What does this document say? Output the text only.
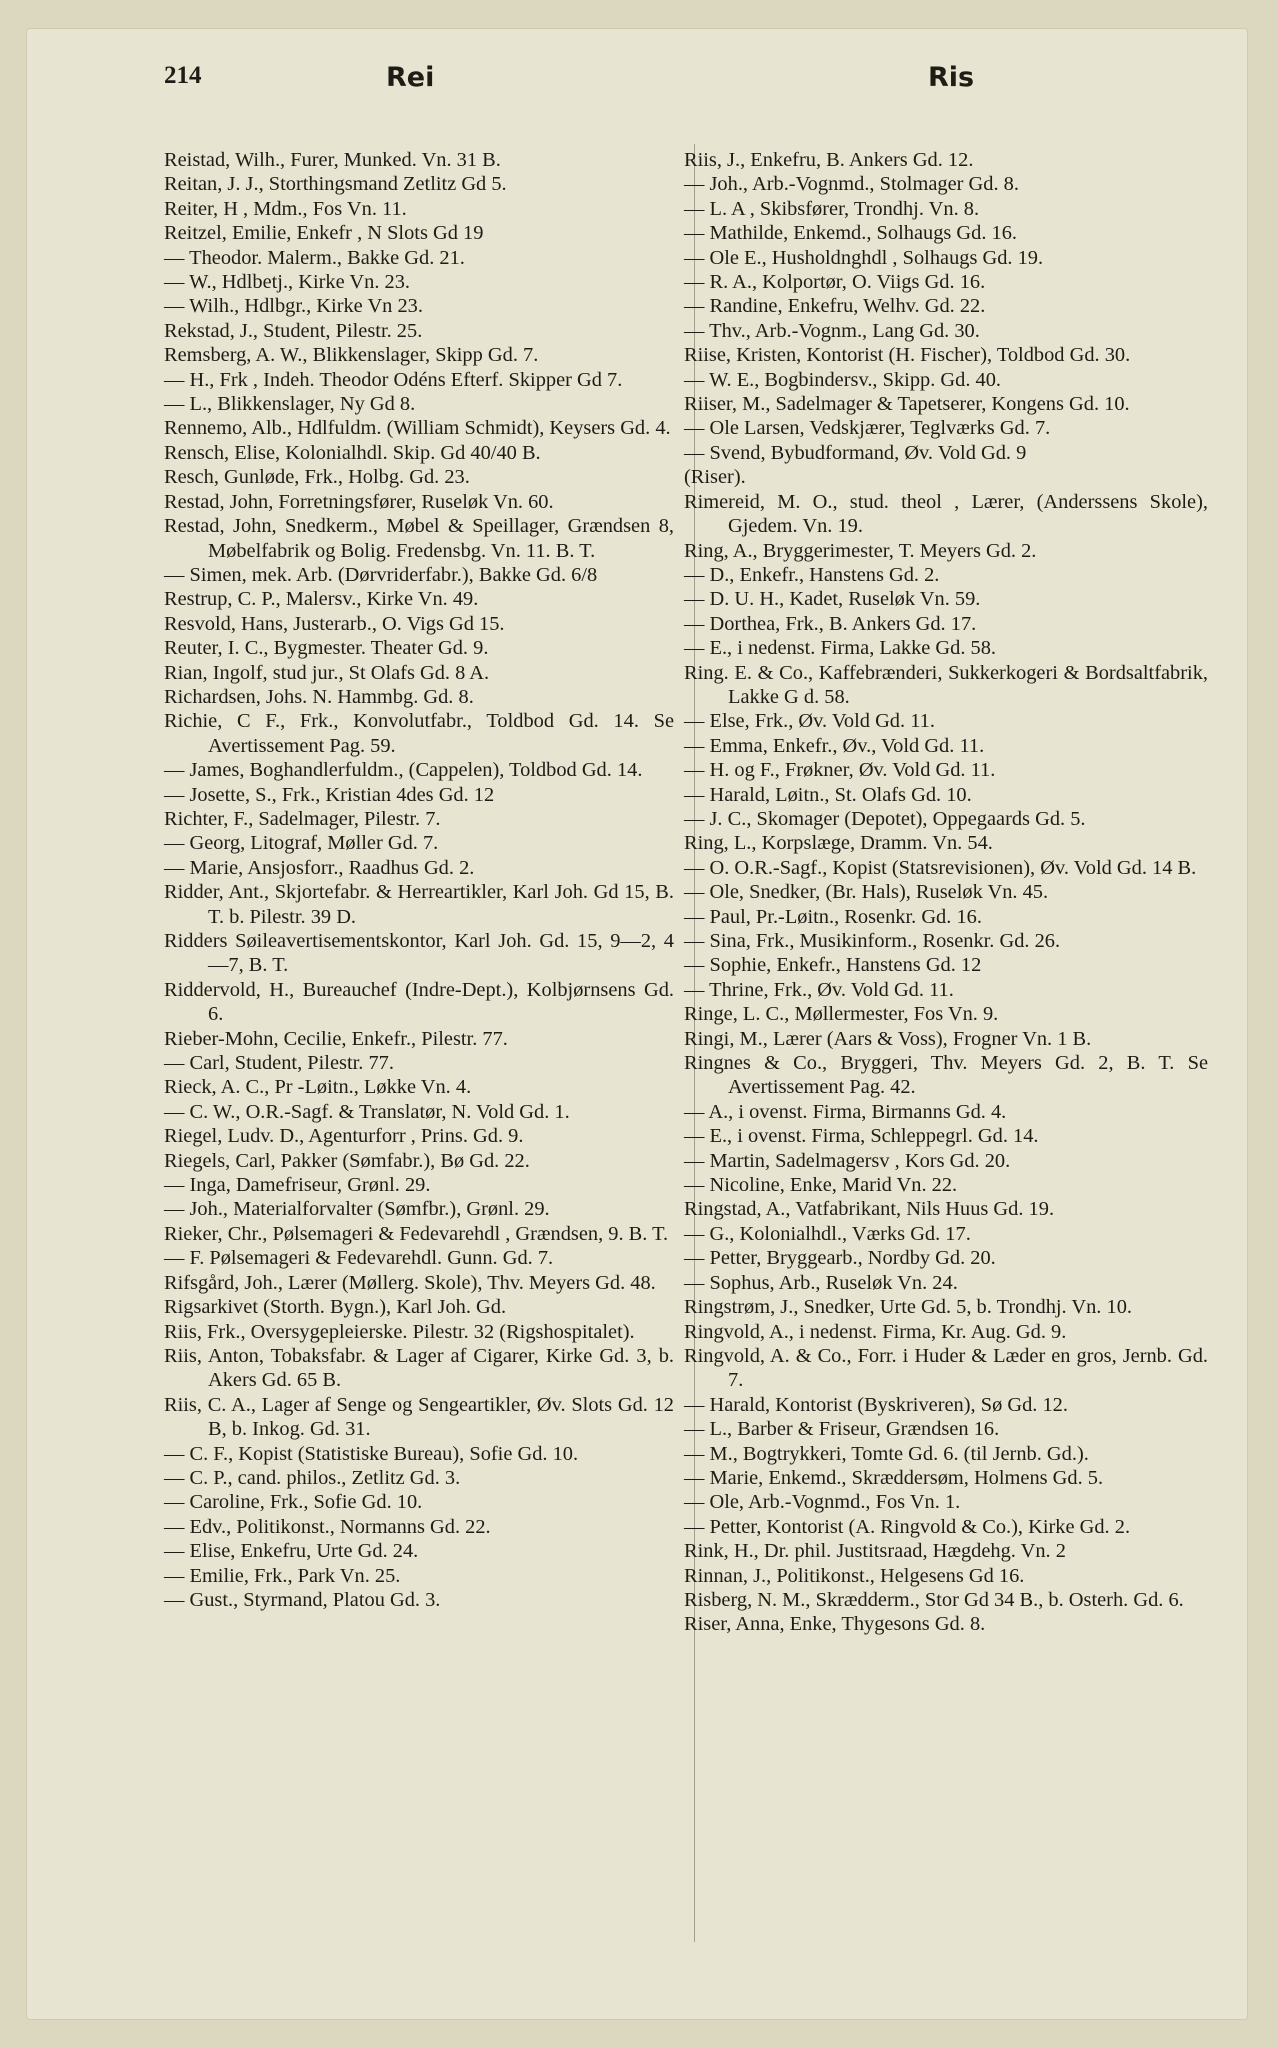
214	Rei	Ris
Reistad, Wilh., Furer, Munked. Vn. 31 B.
Reitan, J. J., Storthingsmand Zetlitz Gd 5.
Reiter, H , Mdm., Fos Vn. 11.
Reitzel, Emilie, Enkefr , N Slots Gd 19
— Theodor. Malerm., Bakke Gd. 21.
— W., Hdlbetj., Kirke Vn. 23.
— Wilh., Hdlbgr., Kirke Vn 23.
Rekstad, J., Student, Pilestr. 25.
Remsberg, A. W., Blikkenslager, Skipp Gd. 7.
— H., Frk , Indeh. Theodor Odéns Efterf. Skipper Gd 7.
— L., Blikkenslager, Ny Gd 8.
Rennemo, Alb., Hdlfuldm. (William Schmidt), Keysers Gd. 4.
Rensch, Elise, Kolonialhdl. Skip. Gd 40/40 B.
Resch, Gunløde, Frk., Holbg. Gd. 23.
Restad, John, Forretningsfører, Ruseløk Vn. 60.
Restad, John, Snedkerm., Møbel & Speillager, Grændsen 8, Møbelfabrik og Bolig. Fredensbg. Vn. 11. B. T.
— Simen, mek. Arb. (Dørvriderfabr.), Bakke Gd. 6/8
Restrup, C. P., Malersv., Kirke Vn. 49.
Resvold, Hans, Justerarb., O. Vigs Gd 15.
Reuter, I. C., Bygmester. Theater Gd. 9.
Rian, Ingolf, stud jur., St Olafs Gd. 8 A.
Richardsen, Johs. N. Hammbg. Gd. 8.
Richie, C F., Frk., Konvolutfabr., Toldbod Gd. 14. Se Avertissement Pag. 59.
— James, Boghandlerfuldm., (Cappelen), Toldbod Gd. 14.
— Josette, S., Frk., Kristian 4des Gd. 12
Richter, F., Sadelmager, Pilestr. 7.
— Georg, Litograf, Møller Gd. 7.
— Marie, Ansjosforr., Raadhus Gd. 2.
Ridder, Ant., Skjortefabr. & Herreartikler, Karl Joh. Gd 15, B. T. b. Pilestr. 39 D.
Ridders Søileavertisementskontor, Karl Joh. Gd. 15, 9—2, 4—7, B. T.
Riddervold, H., Bureauchef (Indre-Dept.), Kolbjørnsens Gd. 6.
Rieber-Mohn, Cecilie, Enkefr., Pilestr. 77.
— Carl, Student, Pilestr. 77.
Rieck, A. C., Pr -Løitn., Løkke Vn. 4.
— C. W., O.R.-Sagf. & Translatør, N. Vold Gd. 1.
Riegel, Ludv. D., Agenturforr , Prins. Gd. 9.
Riegels, Carl, Pakker (Sømfabr.), Bø Gd. 22.
— Inga, Damefriseur, Grønl. 29.
— Joh., Materialforvalter (Sømfbr.), Grønl. 29.
Rieker, Chr., Pølsemageri & Fedevarehdl , Grændsen, 9. B. T.
— F. Pølsemageri & Fedevarehdl. Gunn. Gd. 7.
Rifsgård, Joh., Lærer (Møllerg. Skole), Thv. Meyers Gd. 48.
Rigsarkivet (Storth. Bygn.), Karl Joh. Gd.
Riis, Frk., Oversygepleierske. Pilestr. 32 (Rigshospitalet).
Riis, Anton, Tobaksfabr. & Lager af Cigarer, Kirke Gd. 3, b. Akers Gd. 65 B.
Riis, C. A., Lager af Senge og Sengeartikler, Øv. Slots Gd. 12 B, b. Inkog. Gd. 31.
— C. F., Kopist (Statistiske Bureau), Sofie Gd. 10.
— C. P., cand. philos., Zetlitz Gd. 3.
— Caroline, Frk., Sofie Gd. 10.
— Edv., Politikonst., Normanns Gd. 22.
— Elise, Enkefru, Urte Gd. 24.
— Emilie, Frk., Park Vn. 25.
— Gust., Styrmand, Platou Gd. 3.
Riis, J., Enkefru, B. Ankers Gd. 12.
— Joh., Arb.-Vognmd., Stolmager Gd. 8.
— L. A , Skibsfører, Trondhj. Vn. 8.
— Mathilde, Enkemd., Solhaugs Gd. 16.
— Ole E., Husholdnghdl , Solhaugs Gd. 19.
— R. A., Kolportør, O. Viigs Gd. 16.
— Randine, Enkefru, Welhv. Gd. 22.
— Thv., Arb.-Vognm., Lang Gd. 30.
Riise, Kristen, Kontorist (H. Fischer), Toldbod Gd. 30.
— W. E., Bogbindersv., Skipp. Gd. 40.
Riiser, M., Sadelmager & Tapetserer, Kongens Gd. 10.
— Ole Larsen, Vedskjærer, Teglværks Gd. 7.
— Svend, Bybudformand, Øv. Vold Gd. 9
(Riser).
Rimereid, M. O., stud. theol , Lærer, (Anderssens Skole), Gjedem. Vn. 19.
Ring, A., Bryggerimester, T. Meyers Gd. 2.
— D., Enkefr., Hanstens Gd. 2.
— D. U. H., Kadet, Ruseløk Vn. 59.
— Dorthea, Frk., B. Ankers Gd. 17.
— E., i nedenst. Firma, Lakke Gd. 58.
Ring. E. & Co., Kaffebrænderi, Sukkerkogeri & Bordsaltfabrik, Lakke G d. 58.
— Else, Frk., Øv. Vold Gd. 11.
— Emma, Enkefr., Øv., Vold Gd. 11.
— H. og F., Frøkner, Øv. Vold Gd. 11.
— Harald, Løitn., St. Olafs Gd. 10.
— J. C., Skomager (Depotet), Oppegaards Gd. 5.
Ring, L., Korpslæge, Dramm. Vn. 54.
— O. O.R.-Sagf., Kopist (Statsrevisionen), Øv. Vold Gd. 14 B.
— Ole, Snedker, (Br. Hals), Ruseløk Vn. 45.
— Paul, Pr.-Løitn., Rosenkr. Gd. 16.
— Sina, Frk., Musikinform., Rosenkr. Gd. 26.
— Sophie, Enkefr., Hanstens Gd. 12
— Thrine, Frk., Øv. Vold Gd. 11.
Ringe, L. C., Møllermester, Fos Vn. 9.
Ringi, M., Lærer (Aars & Voss), Frogner Vn. 1 B.
Ringnes & Co., Bryggeri, Thv. Meyers Gd. 2, B. T. Se Avertissement Pag. 42.
— A., i ovenst. Firma, Birmanns Gd. 4.
— E., i ovenst. Firma, Schleppegrl. Gd. 14.
— Martin, Sadelmagersv , Kors Gd. 20.
— Nicoline, Enke, Marid Vn. 22.
Ringstad, A., Vatfabrikant, Nils Huus Gd. 19.
— G., Kolonialhdl., Værks Gd. 17.
— Petter, Bryggearb., Nordby Gd. 20.
— Sophus, Arb., Ruseløk Vn. 24.
Ringstrøm, J., Snedker, Urte Gd. 5, b. Trondhj. Vn. 10.
Ringvold, A., i nedenst. Firma, Kr. Aug. Gd. 9.
Ringvold, A. & Co., Forr. i Huder & Læder en gros, Jernb. Gd. 7.
— Harald, Kontorist (Byskriveren), Sø Gd. 12.
— L., Barber & Friseur, Grændsen 16.
— M., Bogtrykkeri, Tomte Gd. 6. (til Jernb. Gd.).
— Marie, Enkemd., Skræddersøm, Holmens Gd. 5.
— Ole, Arb.-Vognmd., Fos Vn. 1.
— Petter, Kontorist (A. Ringvold & Co.), Kirke Gd. 2.
Rink, H., Dr. phil. Justitsraad, Hægdehg. Vn. 2
Rinnan, J., Politikonst., Helgesens Gd 16.
Risberg, N. M., Skrædderm., Stor Gd 34 B., b. Osterh. Gd. 6.
Riser, Anna, Enke, Thygesons Gd. 8.
